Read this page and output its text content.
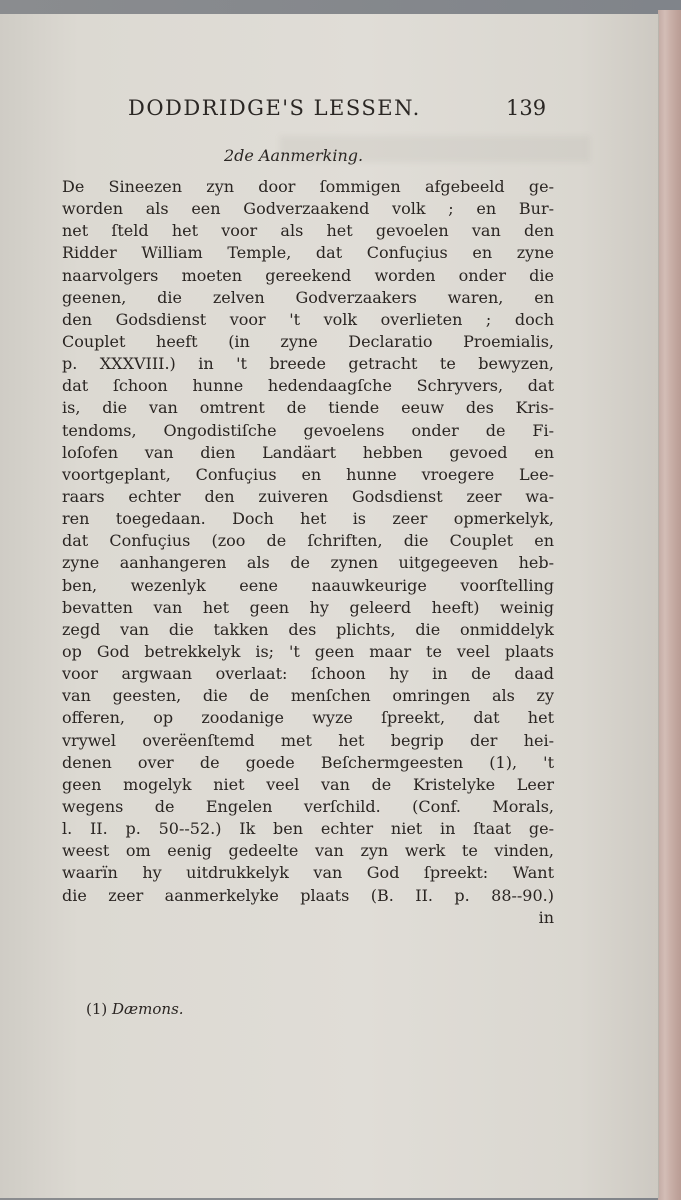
DODDRIDGE'S LESSEN.	139
2de Aanmerking.
De Sineezen zyn door ſommigen afgebeeld ge-
worden als een Godverzaakend volk ; en Bur-
net ſteld het voor als het gevoelen van den
Ridder William Temple, dat Confuçius en zyne
naarvolgers moeten gereekend worden onder die
geenen, die zelven Godverzaakers waren, en
den Godsdienst voor 't volk overlieten ; doch
Couplet heeft (in zyne Declaratio Proemialis,
p. XXXVIII.) in 't breede getracht te bewyzen,
dat ſchoon hunne hedendaagſche Schryvers, dat
is, die van omtrent de tiende eeuw des Kris-
tendoms, Ongodistiſche gevoelens onder de Fi-
loſofen van dien Landäart hebben gevoed en
voortgeplant, Confuçius en hunne vroegere Lee-
raars echter den zuiveren Godsdienst zeer wa-
ren toegedaan. Doch het is zeer opmerkelyk,
dat Confuçius (zoo de ſchriften, die Couplet en
zyne aanhangeren als de zynen uitgegeeven heb-
ben, wezenlyk eene naauwkeurige voorſtelling
bevatten van het geen hy geleerd heeft) weinig
zegd van die takken des plichts, die onmiddelyk
op God betrekkelyk is; 't geen maar te veel plaats
voor argwaan overlaat: ſchoon hy in de daad
van geesten, die de menſchen omringen als zy
offeren, op zoodanige wyze ſpreekt, dat het
vrywel overëenſtemd met het begrip der hei-
denen over de goede Beſchermgeesten (1), 't
geen mogelyk niet veel van de Kristelyke Leer
wegens de Engelen verſchild. (Conf. Morals,
l. II. p. 50--52.) Ik ben echter niet in ſtaat ge-
weest om eenig gedeelte van zyn werk te vinden,
waarïn hy uitdrukkelyk van God ſpreekt: Want
die zeer aanmerkelyke plaats (B. II. p. 88--90.)
in
(1) Dæmons.
